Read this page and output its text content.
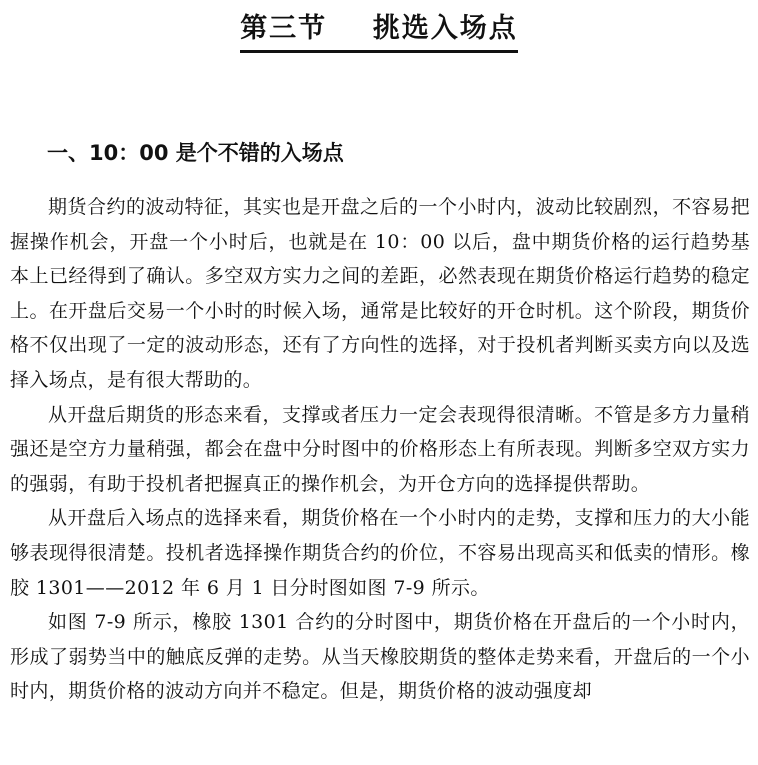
第三节    挑选入场点
一、10：00 是个不错的入场点

期货合约的波动特征，其实也是开盘之后的一个小时内，波动比较剧烈，不容易把握操作机会，开盘一个小时后，也就是在 10：00 以后，盘中期货价格的运行趋势基本上已经得到了确认。多空双方实力之间的差距，必然表现在期货价格运行趋势的稳定上。在开盘后交易一个小时的时候入场，通常是比较好的开仓时机。这个阶段，期货价格不仅出现了一定的波动形态，还有了方向性的选择，对于投机者判断买卖方向以及选择入场点，是有很大帮助的。

从开盘后期货的形态来看，支撑或者压力一定会表现得很清晰。不管是多方力量稍强还是空方力量稍强，都会在盘中分时图中的价格形态上有所表现。判断多空双方实力的强弱，有助于投机者把握真正的操作机会，为开仓方向的选择提供帮助。

从开盘后入场点的选择来看，期货价格在一个小时内的走势，支撑和压力的大小能够表现得很清楚。投机者选择操作期货合约的价位，不容易出现高买和低卖的情形。橡胶 1301——2012 年 6 月 1 日分时图如图 7-9 所示。

如图 7-9 所示，橡胶 1301 合约的分时图中，期货价格在开盘后的一个小时内，形成了弱势当中的触底反弹的走势。从当天橡胶期货的整体走势来看，开盘后的一个小时内，期货价格的波动方向并不稳定。但是，期货价格的波动强度却
